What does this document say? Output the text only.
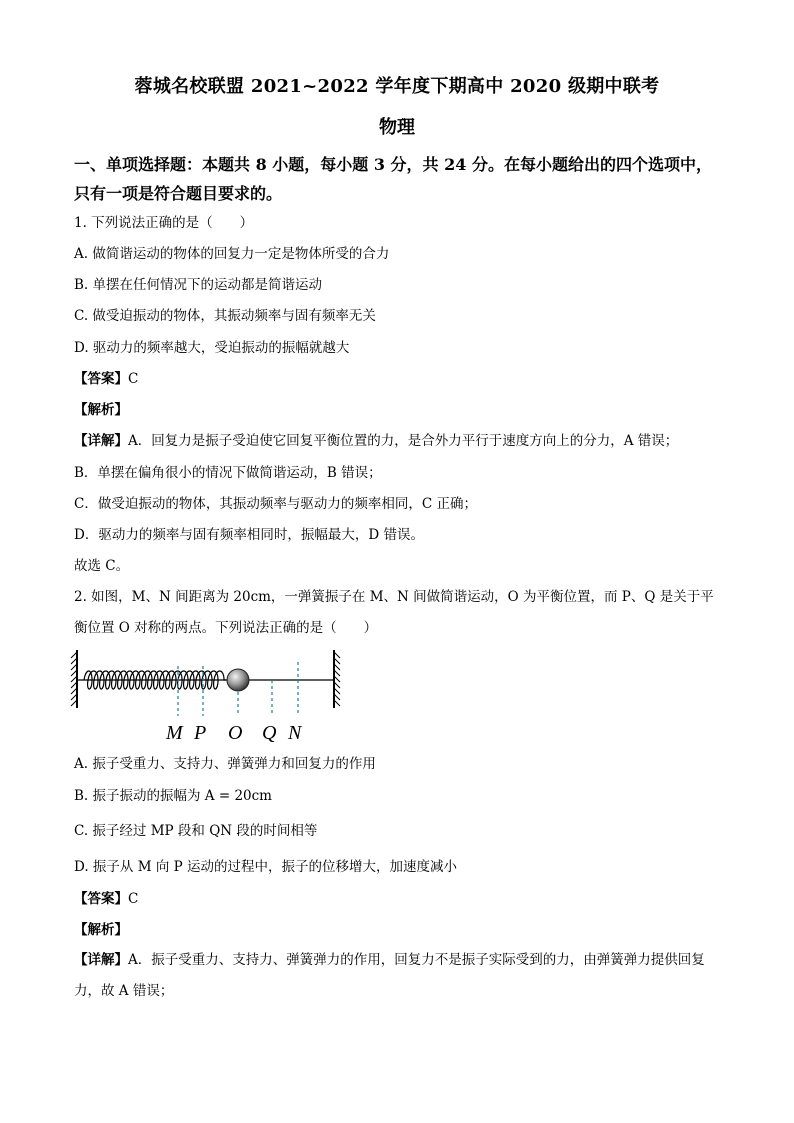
蓉城名校联盟 2021~2022 学年度下期高中 2020 级期中联考
物理
一、单项选择题：本题共 8 小题，每小题 3 分，共 24 分。在每小题给出的四个选项中，只有一项是符合题目要求的。
1. 下列说法正确的是（　　）
A. 做简谐运动的物体的回复力一定是物体所受的合力
B. 单摆在任何情况下的运动都是简谐运动
C. 做受迫振动的物体，其振动频率与固有频率无关
D. 驱动力的频率越大，受迫振动的振幅就越大
【答案】C
【解析】
【详解】A．回复力是振子受迫使它回复平衡位置的力，是合外力平行于速度方向上的分力，A 错误；
B．单摆在偏角很小的情况下做简谐运动，B 错误；
C．做受迫振动的物体，其振动频率与驱动力的频率相同，C 正确；
D．驱动力的频率与固有频率相同时，振幅最大，D 错误。
故选 C。
2. 如图，M、N 间距离为 20cm，一弹簧振子在 M、N 间做简谐运动，O 为平衡位置，而 P、Q 是关于平衡位置 O 对称的两点。下列说法正确的是（　　）
M P O Q N
A. 振子受重力、支持力、弹簧弹力和回复力的作用
B. 振子振动的振幅为 A = 20cm
C. 振子经过 MP 段和 QN 段的时间相等
D. 振子从 M 向 P 运动的过程中，振子的位移增大，加速度减小
【答案】C
【解析】
【详解】A．振子受重力、支持力、弹簧弹力的作用，回复力不是振子实际受到的力，由弹簧弹力提供回复力，故 A 错误；
